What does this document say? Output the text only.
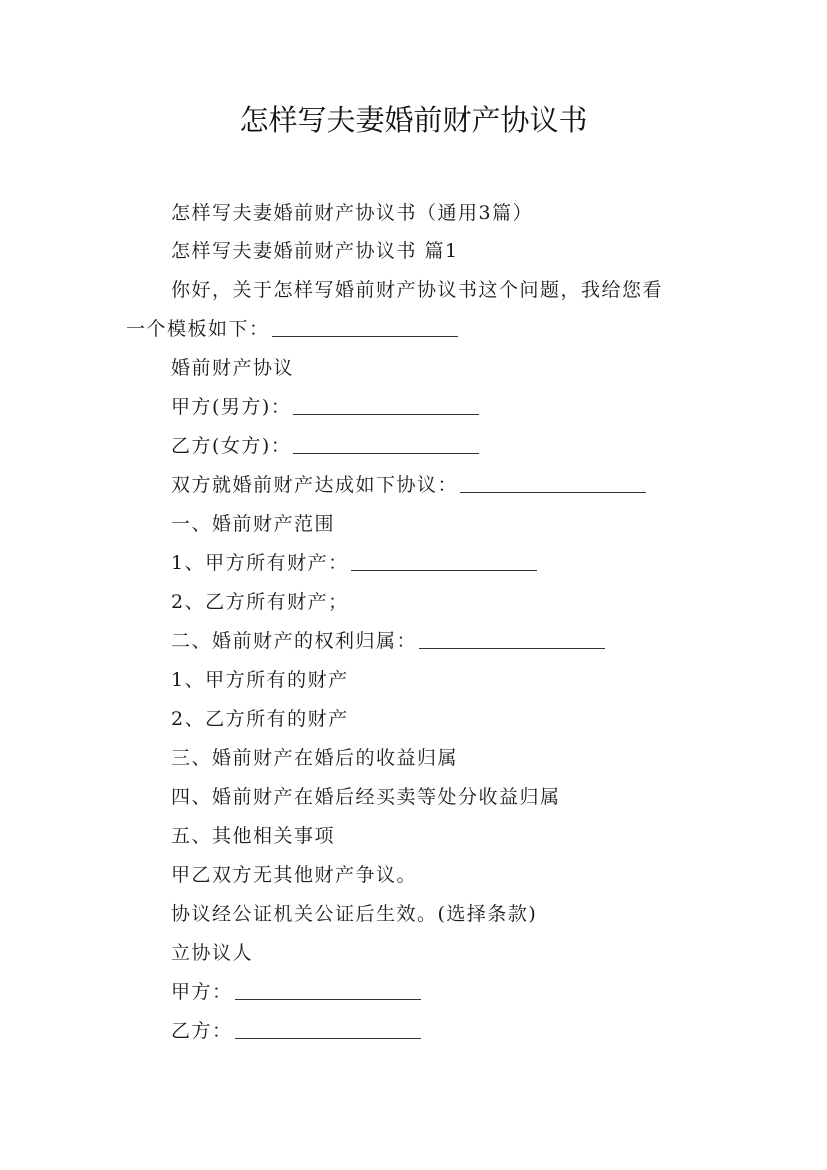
怎样写夫妻婚前财产协议书
怎样写夫妻婚前财产协议书（通用3篇）
怎样写夫妻婚前财产协议书 篇1
你好，关于怎样写婚前财产协议书这个问题，我给您看
一个模板如下：
婚前财产协议
甲方(男方)：
乙方(女方)：
双方就婚前财产达成如下协议：
一、婚前财产范围
1、甲方所有财产：
2、乙方所有财产；
二、婚前财产的权利归属：
1、甲方所有的财产
2、乙方所有的财产
三、婚前财产在婚后的收益归属
四、婚前财产在婚后经买卖等处分收益归属
五、其他相关事项
甲乙双方无其他财产争议。
协议经公证机关公证后生效。(选择条款)
立协议人
甲方：
乙方：
